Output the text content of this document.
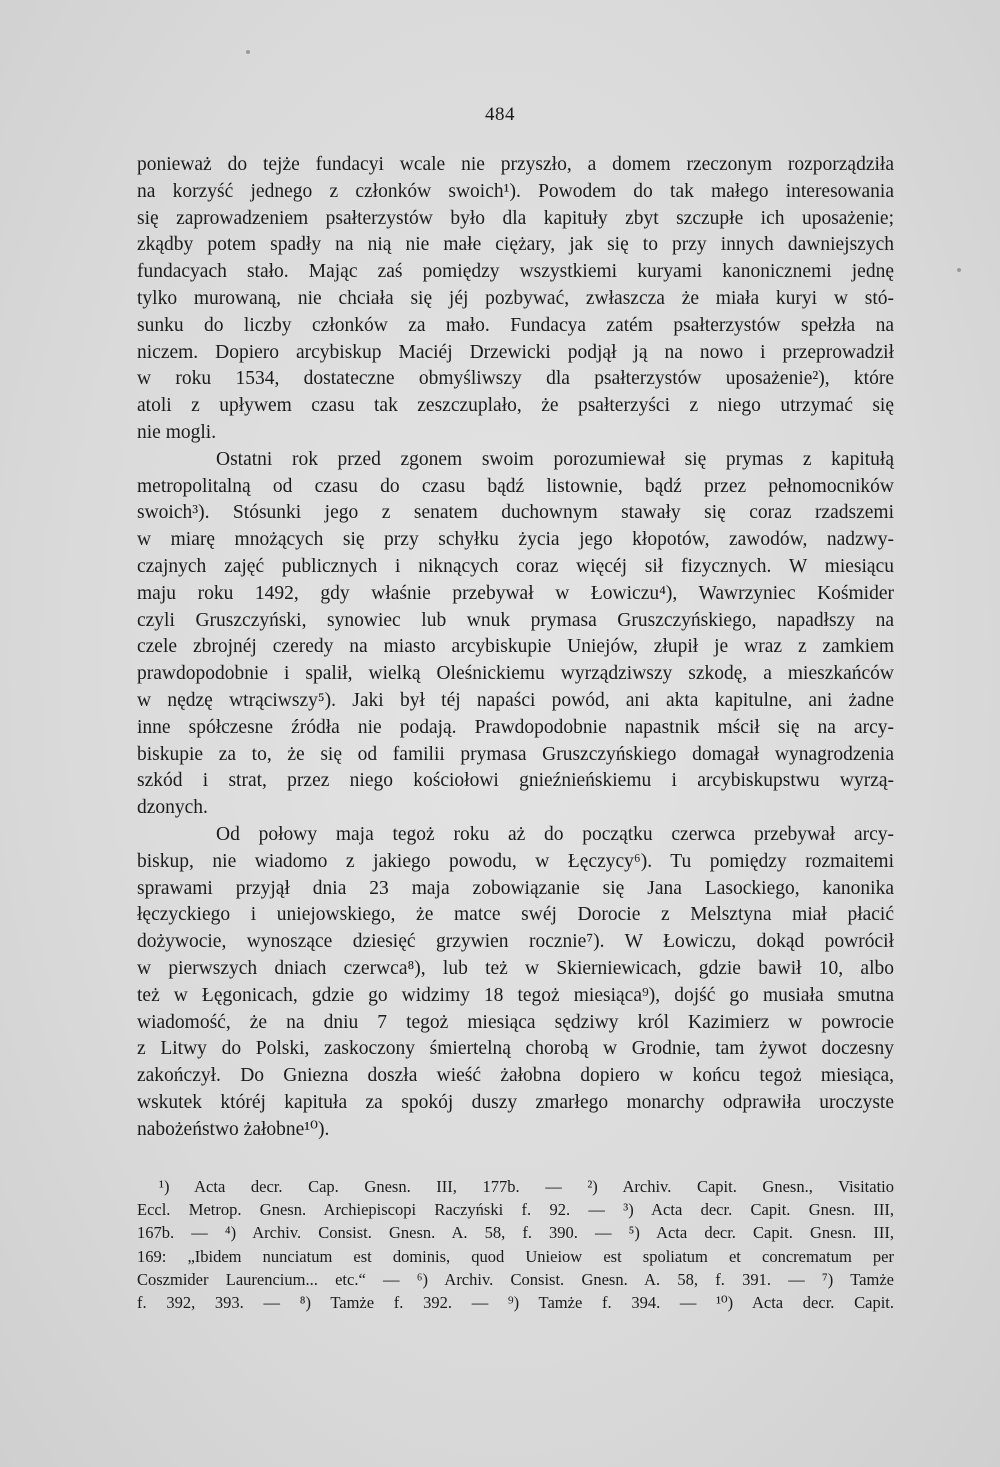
484
ponieważ do tejże fundacyi wcale nie przyszło, a domem rzeczonym rozporządziła
na korzyść jednego z członków swoich¹). Powodem do tak małego interesowania
się zaprowadzeniem psałterzystów było dla kapituły zbyt szczupłe ich uposażenie;
zkądby potem spadły na nią nie małe ciężary, jak się to przy innych dawniejszych
fundacyach stało. Mając zaś pomiędzy wszystkiemi kuryami kanonicznemi jednę
tylko murowaną, nie chciała się jéj pozbywać, zwłaszcza że miała kuryi w stó-
sunku do liczby członków za mało. Fundacya zatém psałterzystów spełzła na
niczem. Dopiero arcybiskup Maciéj Drzewicki podjął ją na nowo i przeprowadził
w roku 1534, dostateczne obmyśliwszy dla psałterzystów uposażenie²), które
atoli z upływem czasu tak zeszczuplało, że psałterzyści z niego utrzymać się
nie mogli.
Ostatni rok przed zgonem swoim porozumiewał się prymas z kapitułą
metropolitalną od czasu do czasu bądź listownie, bądź przez pełnomocników
swoich³). Stósunki jego z senatem duchownym stawały się coraz rzadszemi
w miarę mnożących się przy schyłku życia jego kłopotów, zawodów, nadzwy-
czajnych zajęć publicznych i niknących coraz więcéj sił fizycznych. W miesiącu
maju roku 1492, gdy właśnie przebywał w Łowiczu⁴), Wawrzyniec Kośmider
czyli Gruszczyński, synowiec lub wnuk prymasa Gruszczyńskiego, napadłszy na
czele zbrojnéj czeredy na miasto arcybiskupie Uniejów, złupił je wraz z zamkiem
prawdopodobnie i spalił, wielką Oleśnickiemu wyrządziwszy szkodę, a mieszkańców
w nędzę wtrąciwszy⁵). Jaki był téj napaści powód, ani akta kapitulne, ani żadne
inne spółczesne źródła nie podają. Prawdopodobnie napastnik mścił się na arcy-
biskupie za to, że się od familii prymasa Gruszczyńskiego domagał wynagrodzenia
szkód i strat, przez niego kościołowi gnieźnieńskiemu i arcybiskupstwu wyrzą-
dzonych.
Od połowy maja tegoż roku aż do początku czerwca przebywał arcy-
biskup, nie wiadomo z jakiego powodu, w Łęczycy⁶). Tu pomiędzy rozmaitemi
sprawami przyjął dnia 23 maja zobowiązanie się Jana Lasockiego, kanonika
łęczyckiego i uniejowskiego, że matce swéj Dorocie z Melsztyna miał płacić
dożywocie, wynoszące dziesięć grzywien rocznie⁷). W Łowiczu, dokąd powrócił
w pierwszych dniach czerwca⁸), lub też w Skierniewicach, gdzie bawił 10, albo
też w Łęgonicach, gdzie go widzimy 18 tegoż miesiąca⁹), dojść go musiała smutna
wiadomość, że na dniu 7 tegoż miesiąca sędziwy król Kazimierz w powrocie
z Litwy do Polski, zaskoczony śmiertelną chorobą w Grodnie, tam żywot doczesny
zakończył. Do Gniezna doszła wieść żałobna dopiero w końcu tegoż miesiąca,
wskutek któréj kapituła za spokój duszy zmarłego monarchy odprawiła uroczyste
nabożeństwo żałobne¹⁰).
¹) Acta decr. Cap. Gnesn. III, 177b. — ²) Archiv. Capit. Gnesn., Visitatio
Eccl. Metrop. Gnesn. Archiepiscopi Raczyński f. 92. — ³) Acta decr. Capit. Gnesn. III,
167b. — ⁴) Archiv. Consist. Gnesn. A. 58, f. 390. — ⁵) Acta decr. Capit. Gnesn. III,
169: „Ibidem nunciatum est dominis, quod Unieiow est spoliatum et concrematum per
Coszmider Laurencium... etc.“ — ⁶) Archiv. Consist. Gnesn. A. 58, f. 391. — ⁷) Tamże
f. 392, 393. — ⁸) Tamże f. 392. — ⁹) Tamże f. 394. — ¹⁰) Acta decr. Capit.
